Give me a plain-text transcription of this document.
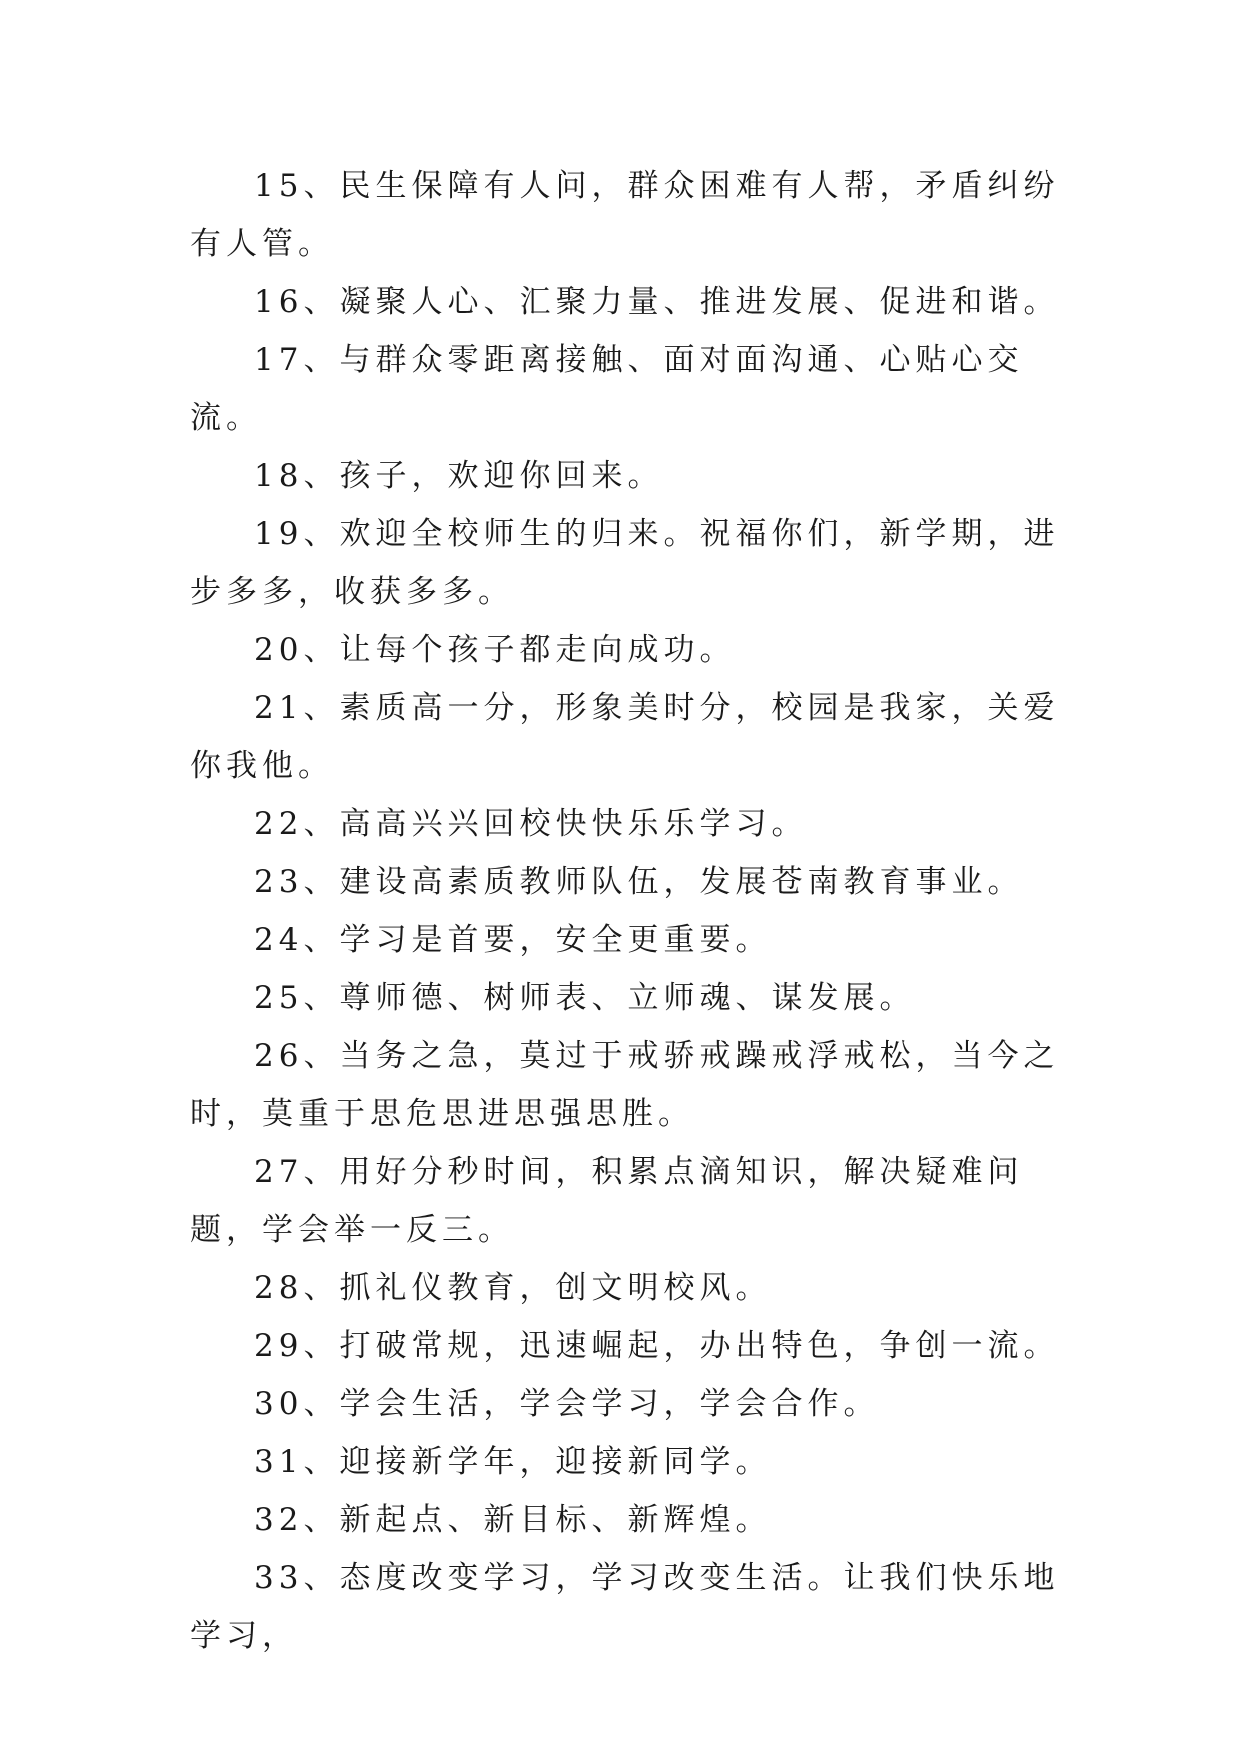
15、民生保障有人问，群众困难有人帮，矛盾纠纷有人管。

16、凝聚人心、汇聚力量、推进发展、促进和谐。

17、与群众零距离接触、面对面沟通、心贴心交流。

18、孩子，欢迎你回来。

19、欢迎全校师生的归来。祝福你们，新学期，进步多多，收获多多。

20、让每个孩子都走向成功。

21、素质高一分，形象美时分，校园是我家，关爱你我他。

22、高高兴兴回校快快乐乐学习。

23、建设高素质教师队伍，发展苍南教育事业。

24、学习是首要，安全更重要。

25、尊师德、树师表、立师魂、谋发展。

26、当务之急，莫过于戒骄戒躁戒浮戒松，当今之时，莫重于思危思进思强思胜。

27、用好分秒时间，积累点滴知识，解决疑难问题，学会举一反三。

28、抓礼仪教育，创文明校风。

29、打破常规，迅速崛起，办出特色，争创一流。

30、学会生活，学会学习，学会合作。

31、迎接新学年，迎接新同学。

32、新起点、新目标、新辉煌。

33、态度改变学习，学习改变生活。让我们快乐地学习，
